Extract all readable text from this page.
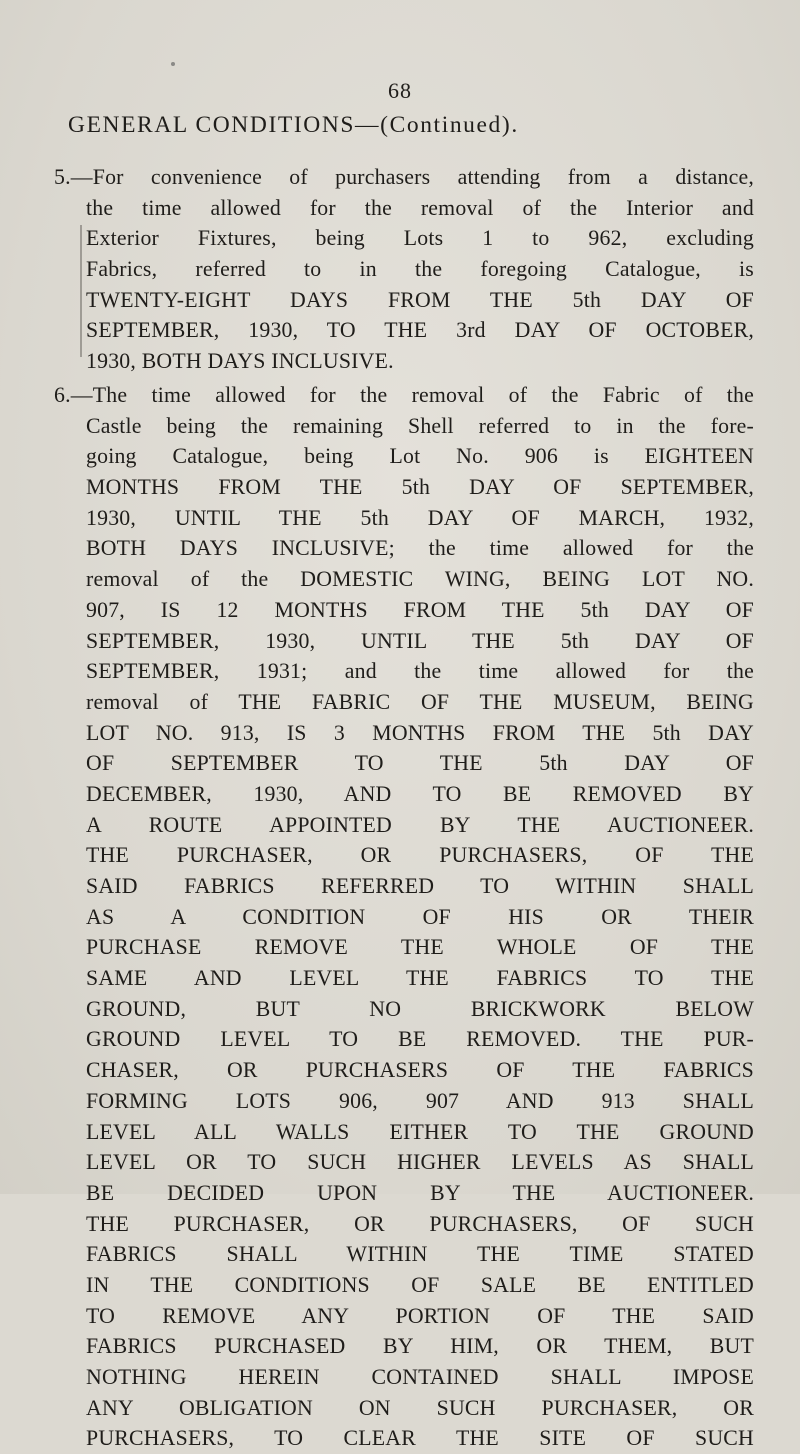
68
GENERAL CONDITIONS—(Continued).
5.—For convenience of purchasers attending from a distance,
the time allowed for the removal of the Interior and
Exterior Fixtures, being Lots 1 to 962, excluding
Fabrics, referred to in the foregoing Catalogue, is
TWENTY-EIGHT DAYS FROM THE 5th DAY OF
SEPTEMBER, 1930, TO THE 3rd DAY OF OCTOBER,
1930, BOTH DAYS INCLUSIVE.
6.—The time allowed for the removal of the Fabric of the
Castle being the remaining Shell referred to in the fore-
going Catalogue, being Lot No. 906 is EIGHTEEN
MONTHS FROM THE 5th DAY OF SEPTEMBER,
1930, UNTIL THE 5th DAY OF MARCH, 1932,
BOTH DAYS INCLUSIVE; the time allowed for the
removal of the DOMESTIC WING, BEING LOT NO.
907, IS 12 MONTHS FROM THE 5th DAY OF
SEPTEMBER, 1930, UNTIL THE 5th DAY OF
SEPTEMBER, 1931; and the time allowed for the
removal of THE FABRIC OF THE MUSEUM, BEING
LOT NO. 913, IS 3 MONTHS FROM THE 5th DAY
OF SEPTEMBER TO THE 5th DAY OF
DECEMBER, 1930, AND TO BE REMOVED BY
A ROUTE APPOINTED BY THE AUCTIONEER.
THE PURCHASER, OR PURCHASERS, OF THE
SAID FABRICS REFERRED TO WITHIN SHALL
AS A CONDITION OF HIS OR THEIR
PURCHASE REMOVE THE WHOLE OF THE
SAME AND LEVEL THE FABRICS TO THE
GROUND, BUT NO BRICKWORK BELOW
GROUND LEVEL TO BE REMOVED. THE PUR-
CHASER, OR PURCHASERS OF THE FABRICS
FORMING LOTS 906, 907 AND 913 SHALL
LEVEL ALL WALLS EITHER TO THE GROUND
LEVEL OR TO SUCH HIGHER LEVELS AS SHALL
BE DECIDED UPON BY THE AUCTIONEER.
THE PURCHASER, OR PURCHASERS, OF SUCH
FABRICS SHALL WITHIN THE TIME STATED
IN THE CONDITIONS OF SALE BE ENTITLED
TO REMOVE ANY PORTION OF THE SAID
FABRICS PURCHASED BY HIM, OR THEM, BUT
NOTHING HEREIN CONTAINED SHALL IMPOSE
ANY OBLIGATION ON SUCH PURCHASER, OR
PURCHASERS, TO CLEAR THE SITE OF SUCH
